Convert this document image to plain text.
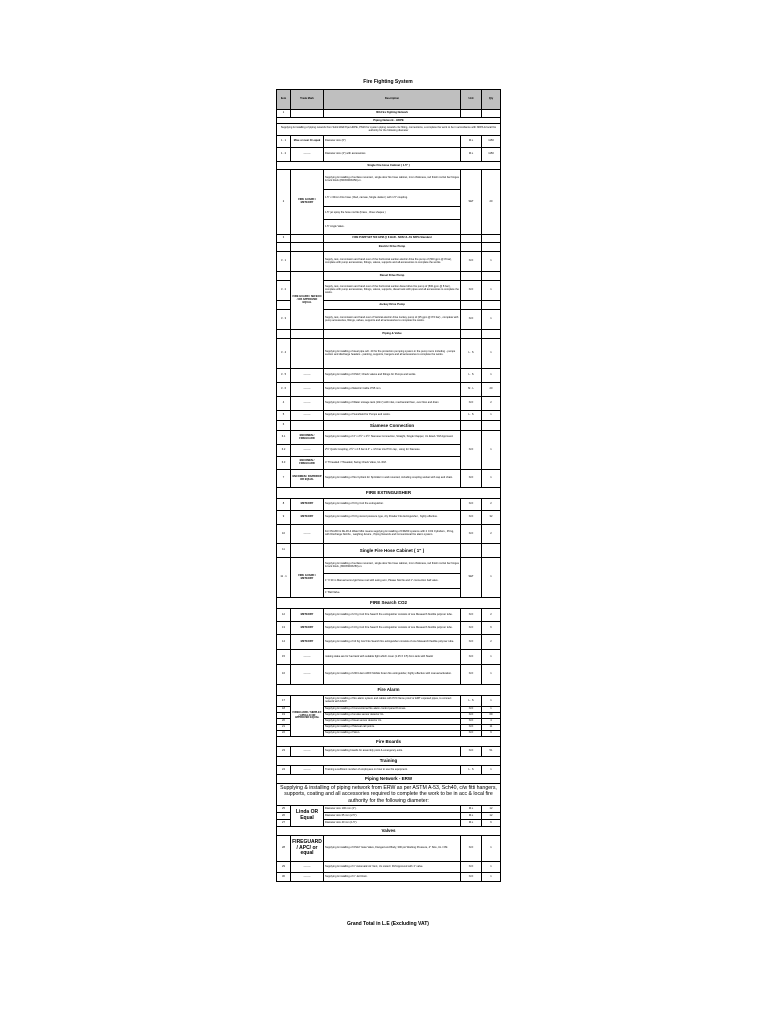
Fire Fighting System
Item	Trade Mark	Description	Unit	Qty
1		800-Fire Fighting Network		
Piping Network - HDPE				
Supplying & installing of piping network from Solid Wall Pipe HDPE, PN16 for system piping network c/w fitting, connections, a complete the work to be in accordance with NFPA & local fire authority for the following diameter				
1 . 1	Mise or near Or equal	Diameter size (6")	M.L	1150
1 . 2	--------	Diameter size (4") with accessories	M.L	1150
Single Fire Hose Cabinet ( 1.5" )				
2	FIRE GUARD / METEORY	Supplying & installing of surface mounted , single door fire hose cabinet, 1mm thickness, red finish nozzel bar hinges & lock block (800X600X250)-m.	SET	20
		1.5" x 30mm Fire hose ( Red, canvas, Single Jacket ) with 1.5" coupling.		
		1.5" jet spray fire hose nozzle (brass , three shapes )		
		1.5" Angle Valve.		
3		FIRE PUMP SET 500 GPM @ 8 BAR - NON UL AS NFPA Standard		
		Electric Drive Pump		
3 . 1		Supply, test, commission and hand over of the horizontal suction electric drive fire pump of (500 gpm @ 8 bar), complete with pump accessories, fittings, valves, supports and all accessories to complete the works.	N.O	1
	FIRE GUARD / SEFECO / OR APPROVED EQUAL	Diesel Drive Pump		
3 . 2		Supply, test, commission and hand over of the horizontal suction diesel drive fire pump of (500 gpm @ 8 bar), complete with pump accessories, fittings, valves, supports, diesel tank with pipes and all accessories to complete the works.	N.O	1
		Jockey Drive Pump		
3 . 3		Supply, test, commission and hand over of Vertical electric drive Jockey pump of (25 gpm @ 8.5 bar) , complete with pump accessories, fittings, valves, supports and all accessories to complete the works.	N.O	1
		Piping & Valve		
3 . 4		Supplying & installing of steel pipe sch. 40 for fire protection pumping system in the pump room including - pumps suction and discharge headers - painting, supports, hangers and all accessories to complete the works.	L . S	1
3 . 5	--------	Supplying & installing of OS&Y, Check valves and fittings for Pumps and works.	L . S	1
3 . 6	--------	Supplying & installing of Electric Cable 4*95 mm.	M . L	20
4	--------	Supplying & installing of Water storage tank (10m³) with inlet, mechanical float , over flow and drain	N.O	2
5	--------	Supplying & installing of Sunshield for Pumps and works.	L . S	1
6		Siamese Connection		
6.1	ENCOMEN / FIREGUARD	Supplying & installing of 4" x 2½" x 2½" Siamese Connection, Straight, Single Clapper, UL listed / FM Approved.	N.O	1
6.2	--------	2½" Quick Coupling ,2½" x 2.5 bar & 4" + 4.5 bar c/w PVC cap , using for Siamese.		
6.3	ENCOMEN / FIREGUARD	4" Threaded / Threaded, Swing Check Valve, UL /FM.		
7	ENCOMEN / RAPIDROP OR EQUAL	Supplying & installing of fire hydrant for Sprinkler in wall mounted, including coupling socket with cap and chain.	N.O	1
FIRE EXTINGUISHER				
8	METEORY	Supplying & installing of 6 Kg Co2 fire extinguisher.	N.O	2
9	METEORY	Supplying & installing of 6 Kg stored pressure type, dry Powder Fire Extinguisher , highly effective.	N.O	32
10	--------	For FM-200 & FE-36 & Water Mist means supplying & installing of FM200 systems with 2 CO2 Cylinders , 45 kg, with Discharge Nozzle , weighing device , Piping Network and Conventional fire alarm system.	N.O	2
11		Single Fire Hose Cabinet ( 1" )		
11 . 1	FIRE GUARD / METEORY	Supplying & installing of surface mounted , single door fire hose cabinet, 1mm thickness, red finish nozzel bar hinges & lock block, (800X600X250)-m.	SET	1
		1" X 30 m Manual semi-rigid hose reel with swing arm, Please Nozzle and 1" connection ball valve.		
		1" Ball Valve.		
FIRE Search CO2				
12	METEORY	Supplying & installing of 2 Kg Co2 Fire Search fire extinguisher consists of one Mesearch flexible polymer tube.	N.O	2
13	METEORY	Supplying & installing of 4 Kg Co2 Fire Search fire extinguisher consists of one Mesearch flexible polymer tube.	N.O	6
14	METEORY	Supplying & installing of 10 Kg Co2 Fire Search fire extinguisher consists of one Mesearch flexible polymer tube.	N.O	2
15	--------	making stake are for fuel tank with suitable fight which cover (1.25 X 0.5) from tank with Stack/	N.O	1
16	--------	Supplying & installing of 200 Liters AFFF Mobile Foam fire extinguisher, highly effective with manual activation.	N.O	1
Fire Alarm				
17	FIREGUARD / SIMPLEX / APOLLO OR APPROVED EQUAL	Supplying & installing of fire alarm system and cables with PVC flame proof or EMT exposed pipes, to connect network with FACP.	L . S	1
18		Supplying & installing of Conventional fire alarm control panel 8 zones.	N.O	1
19		Supplying & installing of smoke sensor detector UL.	N.O	69
20		Supplying & installing of Heat sensor detector UL.	N.O	4
21		Supplying & installing of Manual call points.	N.O	11
22		Supplying & installing of Siren.	N.O	9
Fire Boards				
23	--------	Supplying & installing boards for assembly point & emergency exits.	N.O	51
Training				
24	--------	Training a sufficient number of employees on how to use fire equipment.	L . S	1
Piping Network - ERW				
Supplying & installing of piping network from ERW as per ASTM A-53, Sch40, c/w fitti hangers, supports, coating and all accessories required to complete the work to be in acc & local fire authority for the following diameter:				
25	Linda OR Equal	Diameter size 100 mm (4").	M.L	12
26		Diameter size 65 mm (2.5").	M.L	12
27		Diameter size 40 mm (1.5").	M.L	6
Valves				
28	FIREGUARD / APC/ or equal	Supplying & installing of OS&Y Gate Valve, Flanged end Body, 300 psi Working Pressure, 4" Size, UL / FM.	N.O	1
29	--------	Supplying & installing of 1" Automatic Air Vent, UL Listed / FM Approved with 1" valve.	N.O	1
30	--------	Supplying & installing of 1" Jet Drain.	N.O	1
Grand Total in L.E (Excluding VAT)
